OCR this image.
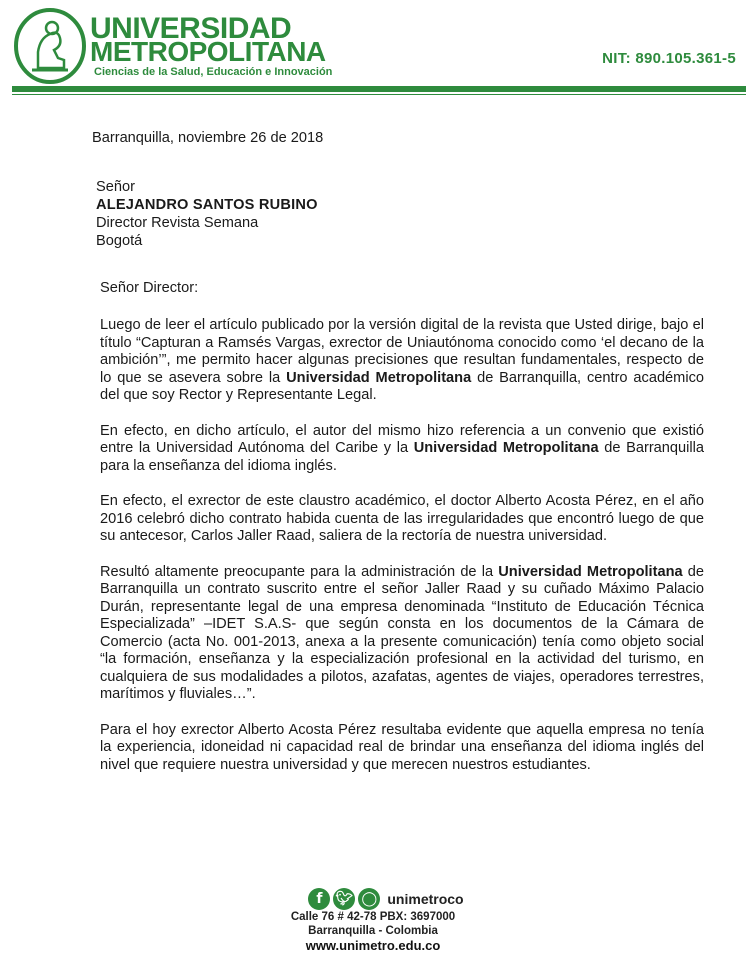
UNIVERSIDAD
METROPOLITANA
Ciencias de la Salud, Educación e Innovación
NIT: 890.105.361-5
Barranquilla, noviembre 26 de 2018
Señor
ALEJANDRO SANTOS RUBINO
Director Revista Semana
Bogotá
Señor Director:

Luego de leer el artículo publicado por la versión digital de la revista que Usted dirige, bajo el título “Capturan a Ramsés Vargas, exrector de Uniautónoma conocido como ‘el decano de la ambición’”, me permito hacer algunas precisiones que resultan fundamentales, respecto de lo que se asevera sobre la Universidad Metropolitana de Barranquilla, centro académico del que soy Rector y Representante Legal.

En efecto, en dicho artículo, el autor del mismo hizo referencia a un convenio que existió entre la Universidad Autónoma del Caribe y la Universidad Metropolitana de Barranquilla para la enseñanza del idioma inglés.

En efecto, el exrector de este claustro académico, el doctor Alberto Acosta Pérez, en el año 2016 celebró dicho contrato habida cuenta de las irregularidades que encontró luego de que su antecesor, Carlos Jaller Raad, saliera de la rectoría de nuestra universidad.

Resultó altamente preocupante para la administración de la Universidad Metropolitana de Barranquilla un contrato suscrito entre el señor Jaller Raad y su cuñado Máximo Palacio Durán, representante legal de una empresa denominada “Instituto de Educación Técnica Especializada” –IDET S.A.S- que según consta en los documentos de la Cámara de Comercio (acta No. 001-2013, anexa a la presente comunicación) tenía como objeto social “la formación, enseñanza y la especialización profesional en la actividad del turismo, en cualquiera de sus modalidades a pilotos, azafatas, agentes de viajes, operadores terrestres, marítimos y fluviales…”.

Para el hoy exrector Alberto Acosta Pérez resultaba evidente que aquella empresa no tenía la experiencia, idoneidad ni capacidad real de brindar una enseñanza del idioma inglés del nivel que requiere nuestra universidad y que merecen nuestros estudiantes.

f 🐦︎ ◯ unimetroco
Calle 76 # 42-78 PBX: 3697000
Barranquilla - Colombia
www.unimetro.edu.co
